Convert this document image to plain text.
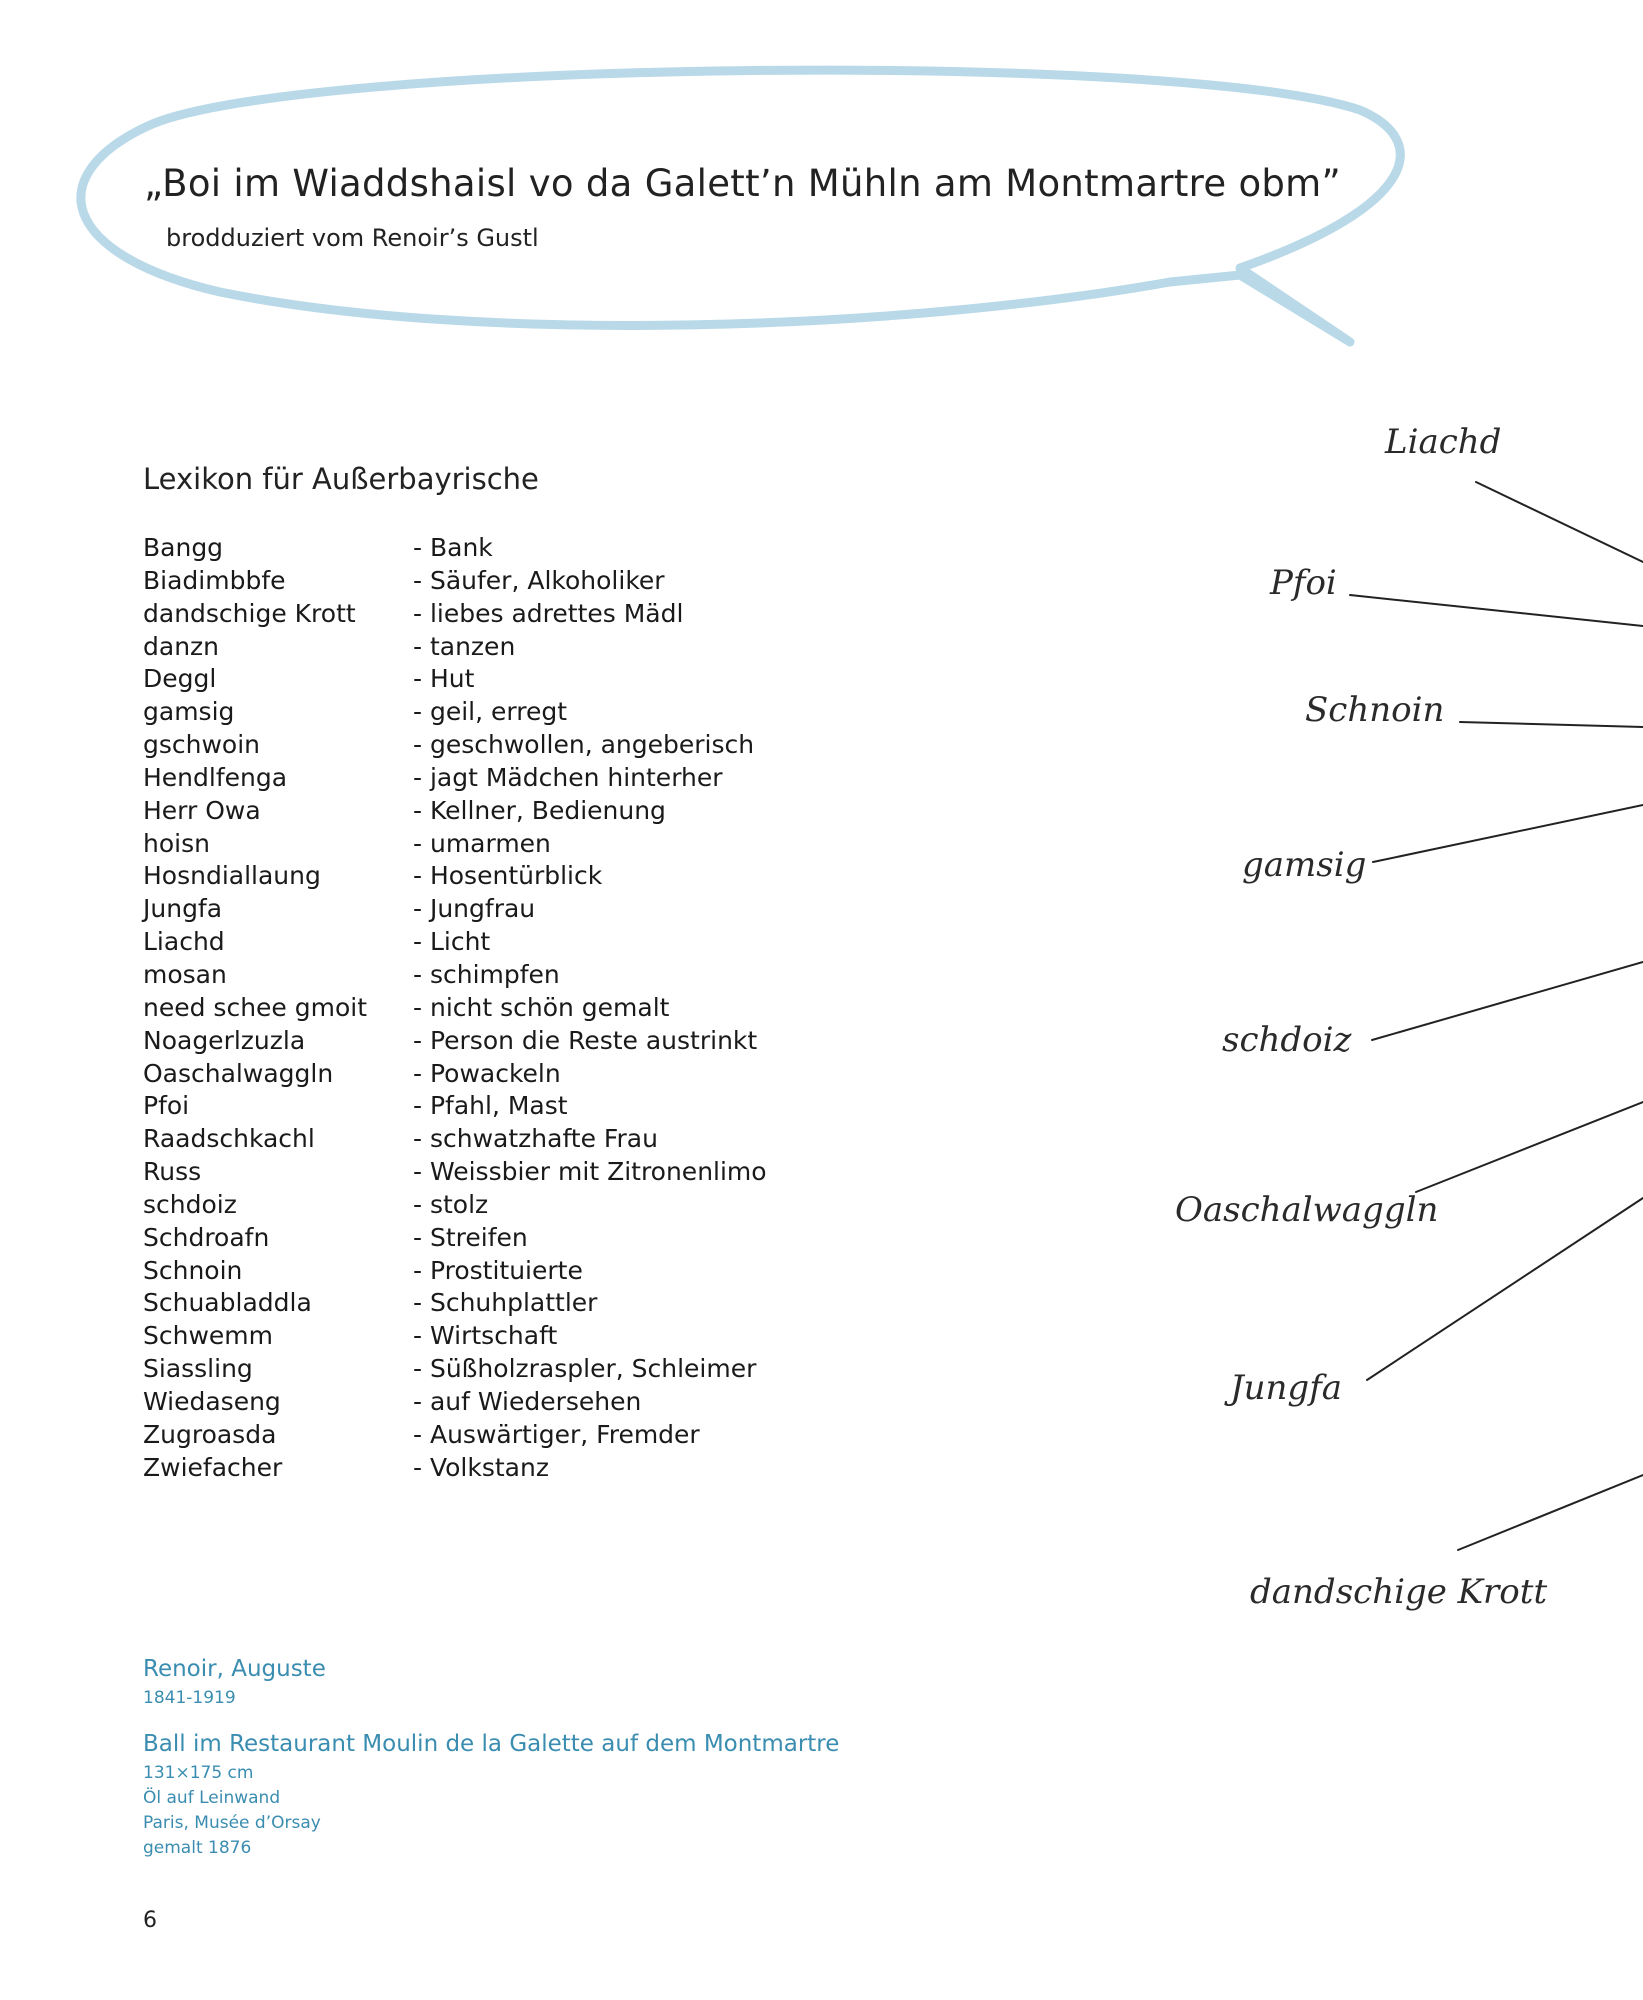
„Boi im Wiaddshaisl vo da Galett’n Mühln am Montmartre obm”
brodduziert vom Renoir’s Gustl
Lexikon für Außerbayrische
Bangg	- Bank
Biadimbbfe	- Säufer, Alkoholiker
dandschige Krott - liebes adrettes Mädl
danzn	- tanzen
Deggl	- Hut
gamsig	- geil, erregt
gschwoin	- geschwollen, angeberisch
Hendlfenga	- jagt Mädchen hinterher
Herr Owa	- Kellner, Bedienung
hoisn	- umarmen
Hosndiallaung	- Hosentürblick
Jungfa	- Jungfrau
Liachd	- Licht
mosan	- schimpfen
need schee gmoit - nicht schön gemalt
Noagerlzuzla	- Person die Reste austrinkt
Oaschalwaggln	- Powackeln
Pfoi	- Pfahl, Mast
Raadschkachl	- schwatzhafte Frau
Russ	- Weissbier mit Zitronenlimo
schdoiz	- stolz
Schdroafn	- Streifen
Schnoin	- Prostituierte
Schuabladdla	- Schuhplattler
Schwemm	- Wirtschaft
Siassling	- Süßholzraspler, Schleimer
Wiedaseng	- auf Wiedersehen
Zugroasda	- Auswärtiger, Fremder
Zwiefacher	- Volkstanz
Liachd
Pfoi
Schnoin
gamsig
schdoiz
Oaschalwaggln
Jungfa
dandschige Krott
Renoir, Auguste
1841-1919
Ball im Restaurant Moulin de la Galette auf dem Montmartre
131×175 cm
Öl auf Leinwand
Paris, Musée d’Orsay
gemalt 1876
6
